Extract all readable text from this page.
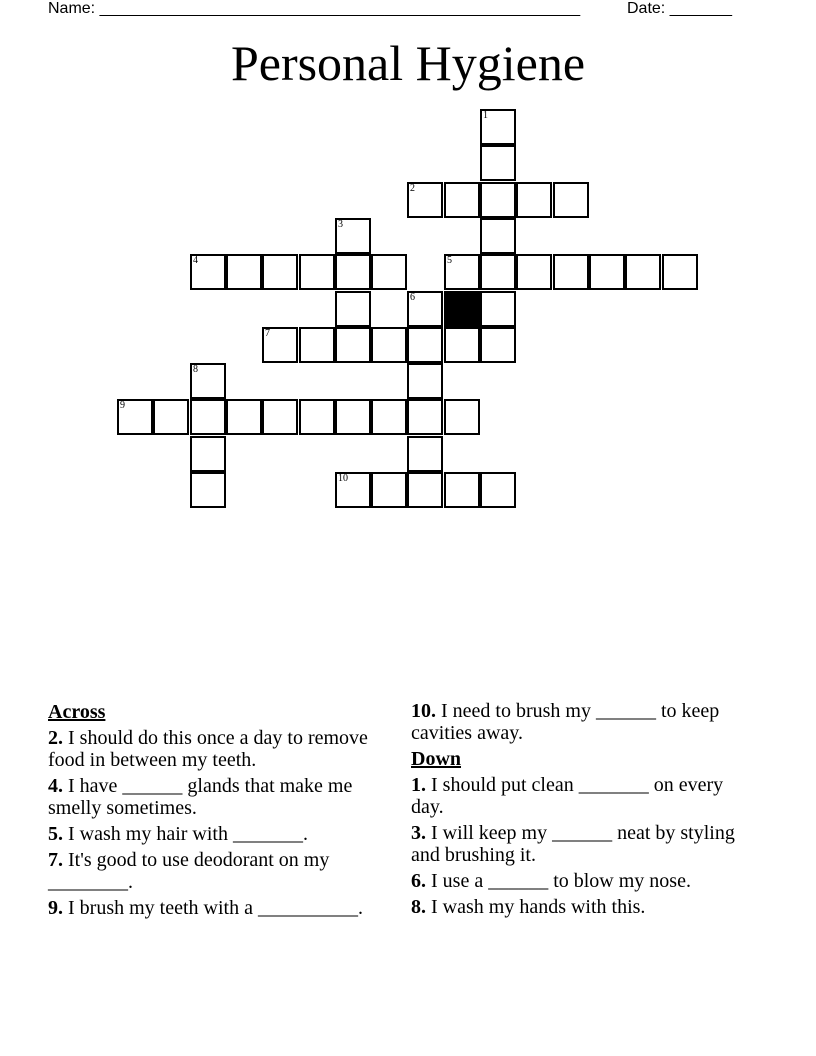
Name: ______________________________________________________	Date: _______
Personal Hygiene
1
2
3
4	5
6
7
8
9
10
Across
2. I should do this once a day to remove food in between my teeth.
4. I have ______ glands that make me smelly sometimes.
5. I wash my hair with _______.
7. It's good to use deodorant on my ________.
9. I brush my teeth with a __________.
10. I need to brush my ______ to keep cavities away.
Down
1. I should put clean _______ on every day.
3. I will keep my ______ neat by styling and brushing it.
6. I use a ______ to blow my nose.
8. I wash my hands with this.
